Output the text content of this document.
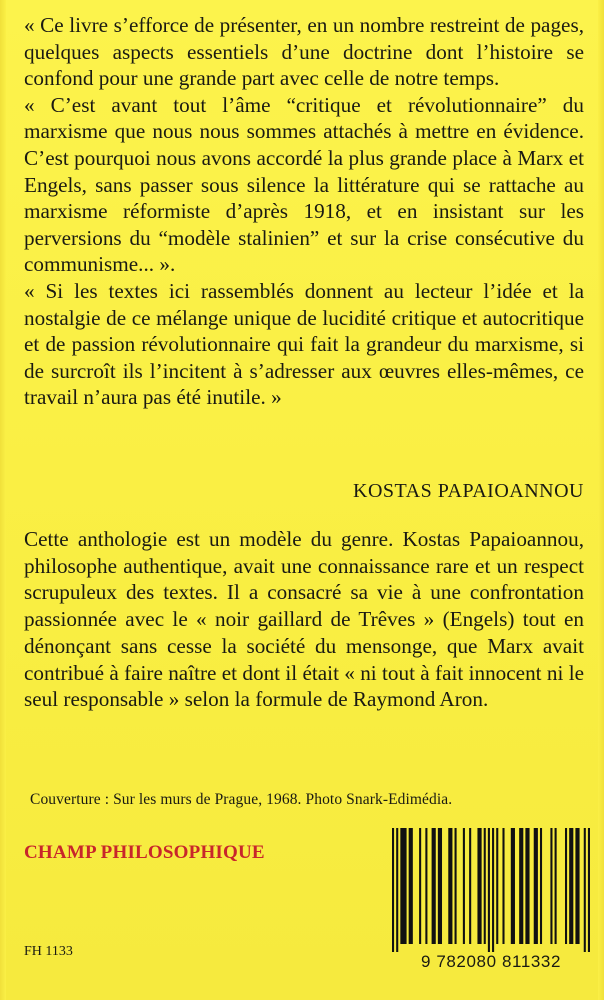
« Ce livre s’efforce de présenter, en un nombre restreint de pages, quelques aspects essentiels d’une doctrine dont l’histoire se confond pour une grande part avec celle de notre temps.

« C’est avant tout l’âme “critique et révolutionnaire” du marxisme que nous nous sommes attachés à mettre en évidence. C’est pourquoi nous avons accordé la plus grande place à Marx et Engels, sans passer sous silence la littérature qui se rattache au marxisme réformiste d’après 1918, et en insistant sur les perversions du “modèle stalinien” et sur la crise consécutive du communisme... ».

« Si les textes ici rassemblés donnent au lecteur l’idée et la nostalgie de ce mélange unique de lucidité critique et autocritique et de passion révolutionnaire qui fait la grandeur du marxisme, si de surcroît ils l’incitent à s’adresser aux œuvres elles-mêmes, ce travail n’aura pas été inutile. »

KOSTAS PAPAIOANNOU
Cette anthologie est un modèle du genre. Kostas Papaioannou, philosophe authentique, avait une connaissance rare et un respect scrupuleux des textes. Il a consacré sa vie à une confrontation passionnée avec le « noir gaillard de Trêves » (Engels) tout en dénonçant sans cesse la société du mensonge, que Marx avait contribué à faire naître et dont il était « ni tout à fait innocent ni le seul responsable » selon la formule de Raymond Aron.
Couverture : Sur les murs de Prague, 1968. Photo Snark-Edimédia.
CHAMP PHILOSOPHIQUE
FH 1133
9 782080 811332
